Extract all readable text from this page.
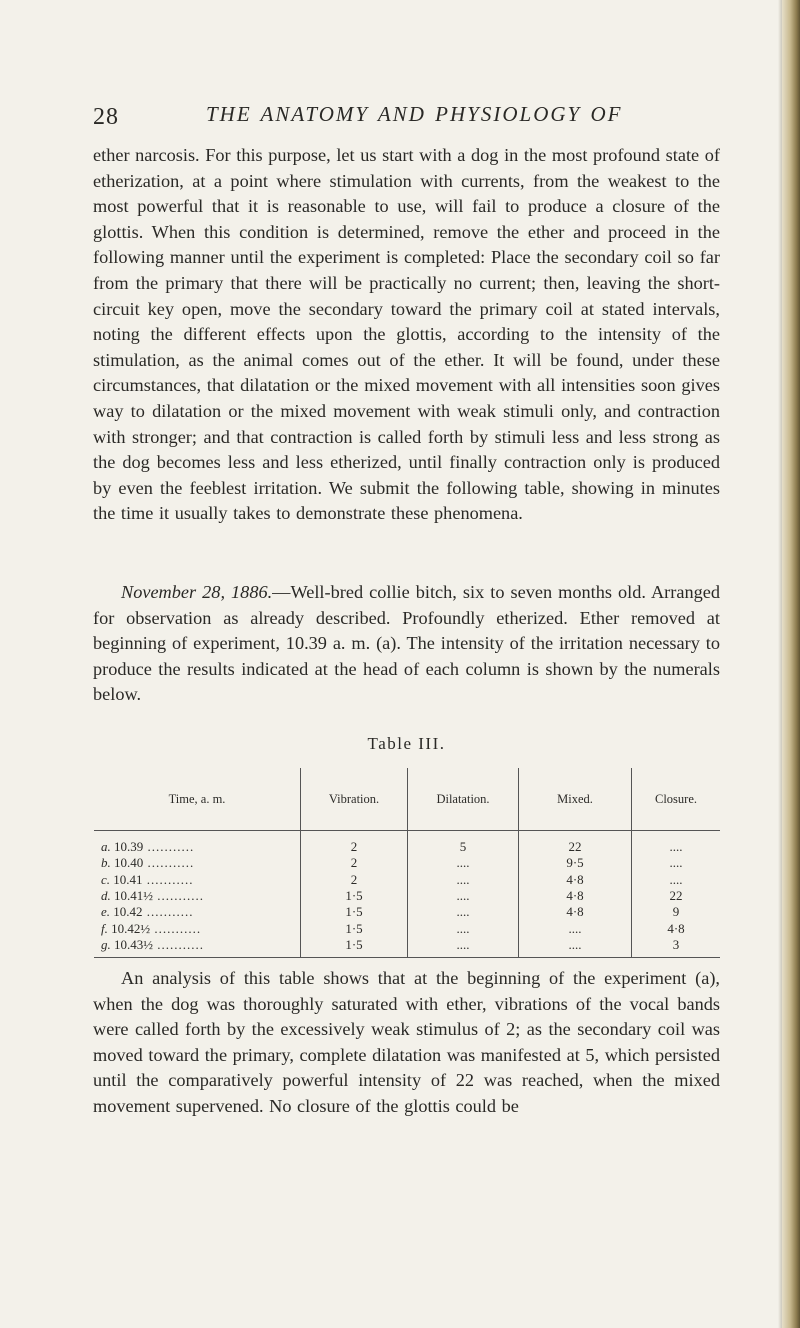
28	THE ANATOMY AND PHYSIOLOGY OF
ether narcosis. For this purpose, let us start with a dog in the most profound state of etherization, at a point where stimulation with currents, from the weakest to the most powerful that it is reasonable to use, will fail to produce a closure of the glottis. When this condition is determined, remove the ether and proceed in the following manner until the experiment is completed: Place the secondary coil so far from the primary that there will be practically no current; then, leaving the short-circuit key open, move the secondary toward the primary coil at stated intervals, noting the different effects upon the glottis, according to the intensity of the stimulation, as the animal comes out of the ether. It will be found, under these circumstances, that dilatation or the mixed movement with all intensities soon gives way to dilatation or the mixed movement with weak stimuli only, and contraction with stronger; and that contraction is called forth by stimuli less and less strong as the dog becomes less and less etherized, until finally contraction only is produced by even the feeblest irritation. We submit the following table, showing in minutes the time it usually takes to demonstrate these phenomena.
November 28, 1886.—Well-bred collie bitch, six to seven months old. Arranged for observation as already described. Profoundly etherized. Ether removed at beginning of experiment, 10.39 a. m. (a). The intensity of the irritation necessary to produce the results indicated at the head of each column is shown by the numerals below.
Table III.
Time, a. m.	Vibration.	Dilatation.	Mixed.	Closure.
a. 10.39 ...........	2	5	22	....
b. 10.40 ...........	2	....	9·5	....
c. 10.41 ...........	2	....	4·8	....
d. 10.41½ ...........	1·5	....	4·8	22
e. 10.42 ...........	1·5	....	4·8	9
f. 10.42½ ...........	1·5	....	....	4·8
g. 10.43½ ...........	1·5	....	....	3
An analysis of this table shows that at the beginning of the experiment (a), when the dog was thoroughly saturated with ether, vibrations of the vocal bands were called forth by the excessively weak stimulus of 2; as the secondary coil was moved toward the primary, complete dilatation was manifested at 5, which persisted until the comparatively powerful intensity of 22 was reached, when the mixed movement supervened. No closure of the glottis could be
